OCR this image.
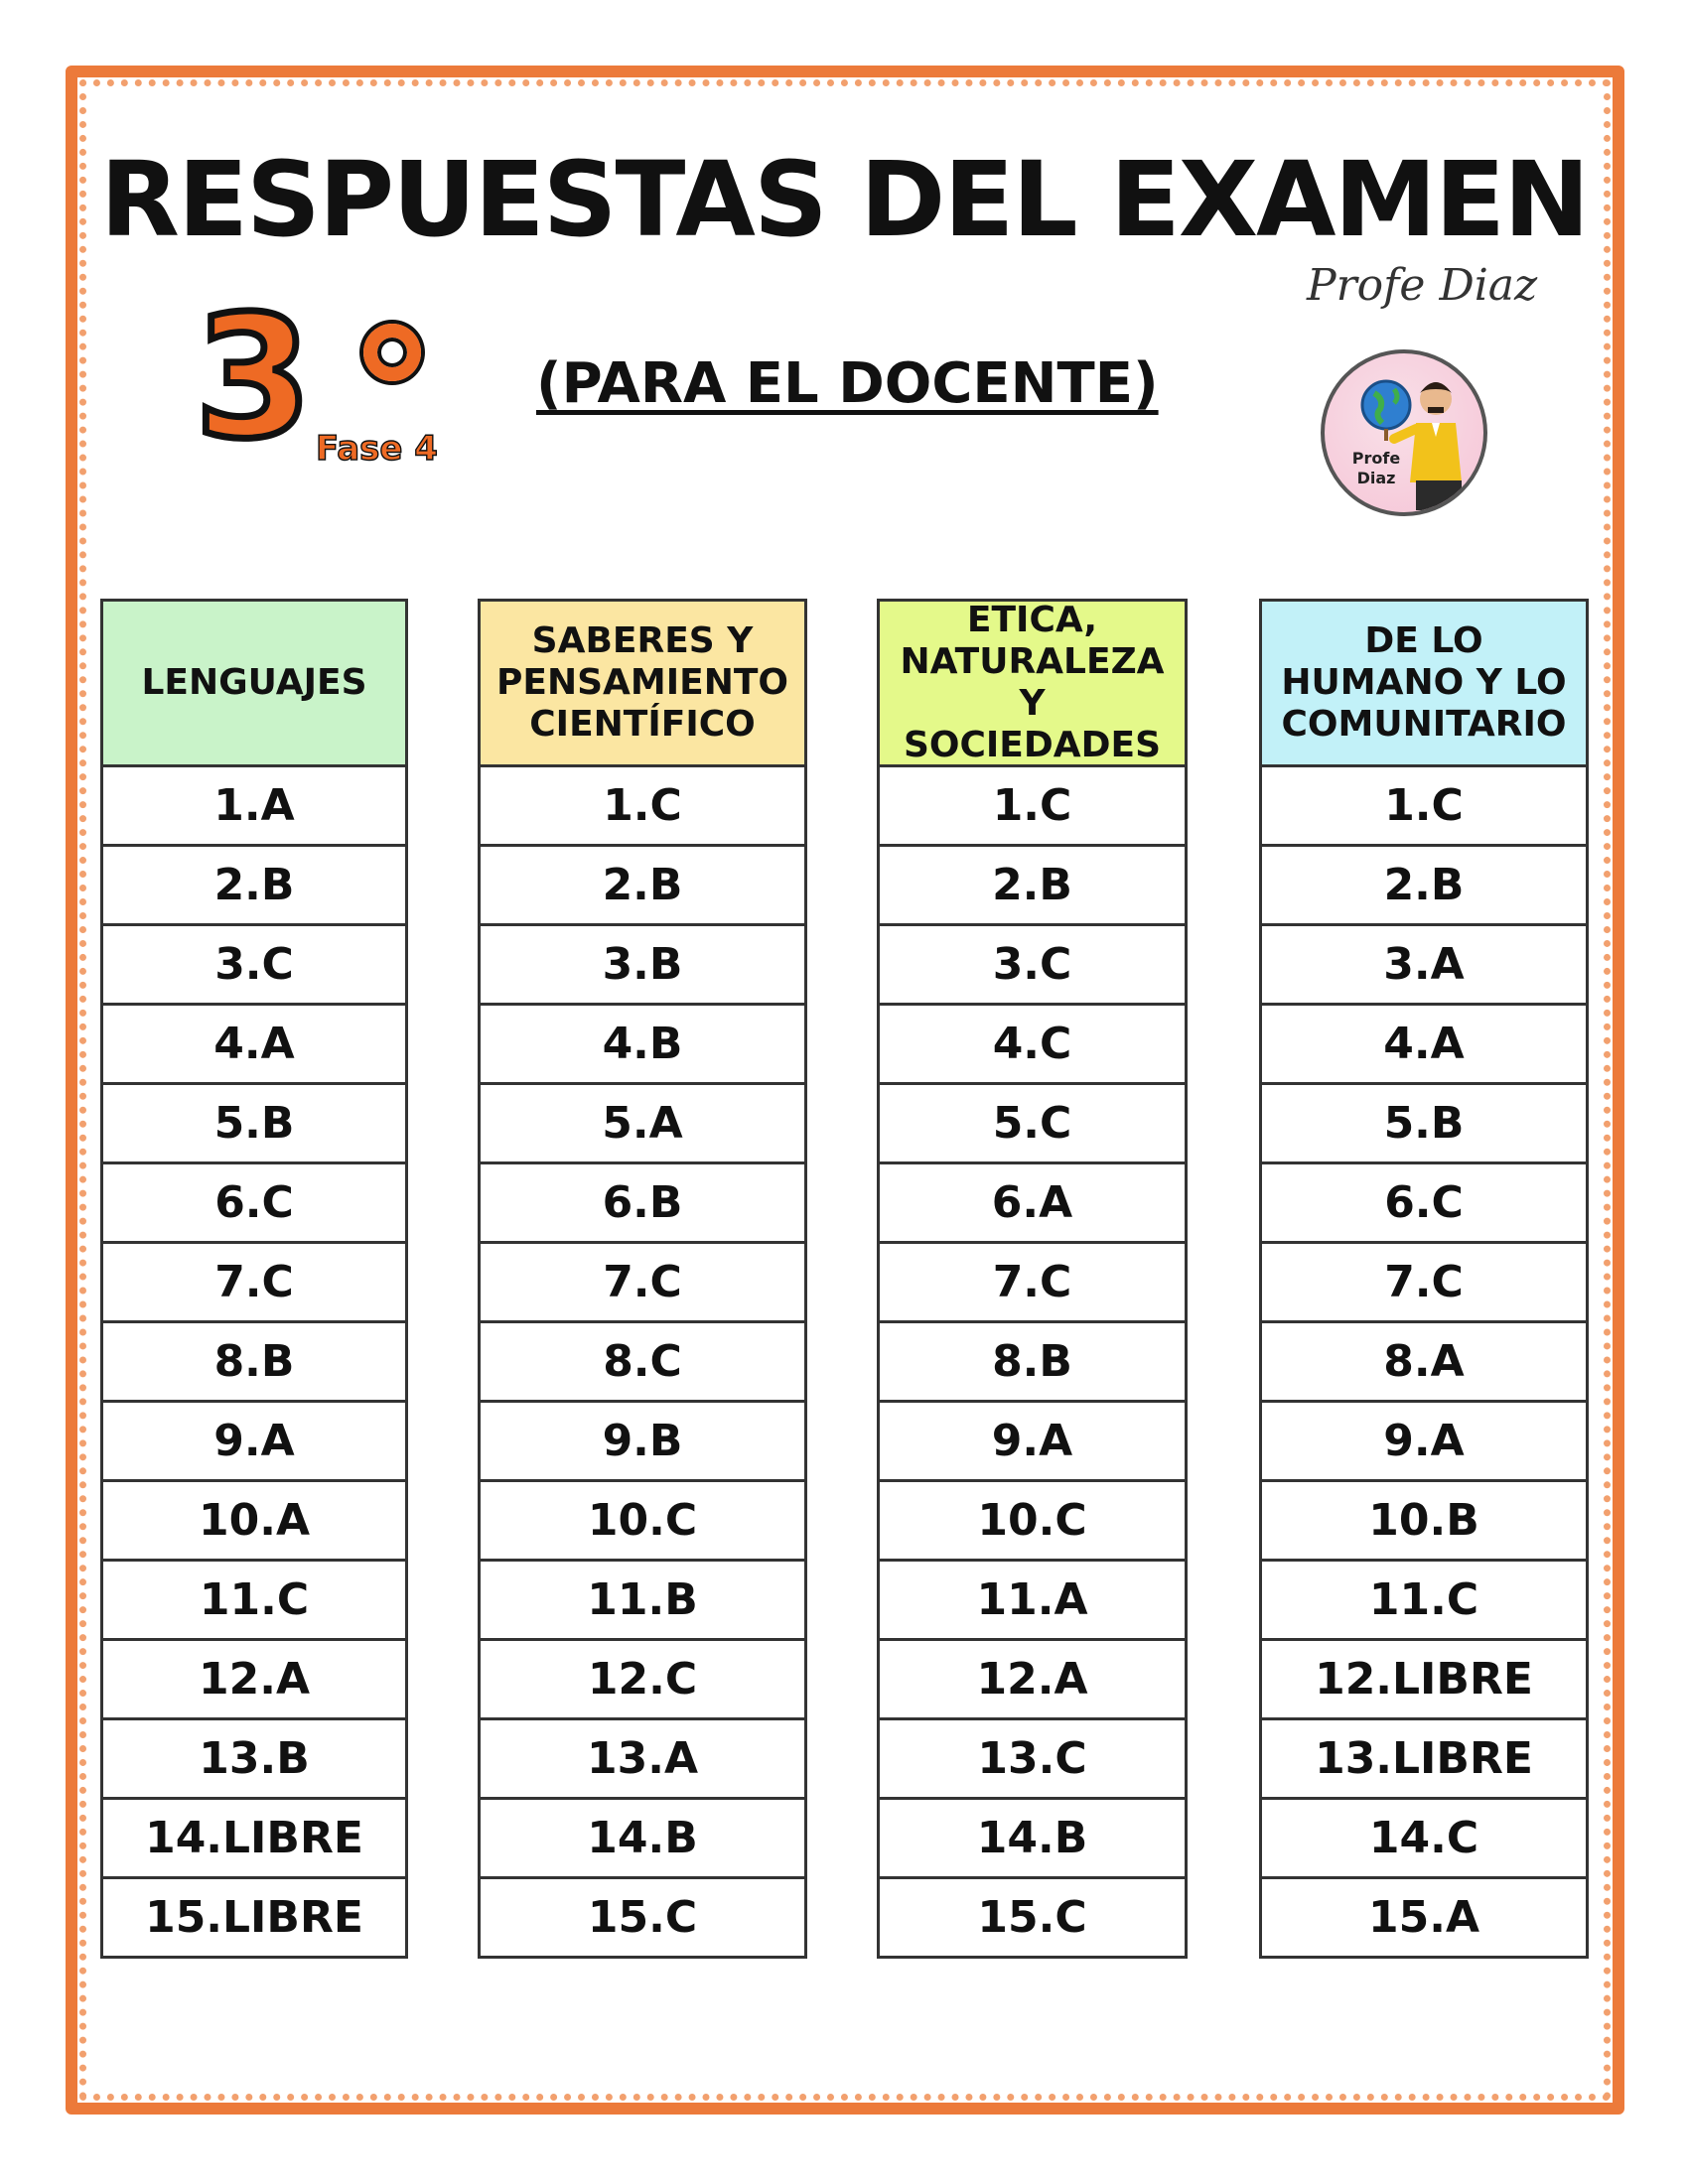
RESPUESTAS DEL EXAMEN
Profe Diaz
3 Fase 4
(PARA EL DOCENTE)
Profe Diaz
LENGUAJES
1.A
2.B
3.C
4.A
5.B
6.C
7.C
8.B
9.A
10.A
11.C
12.A
13.B
14.LIBRE
15.LIBRE
SABERES Y PENSAMIENTO CIENTÍFICO
1.C
2.B
3.B
4.B
5.A
6.B
7.C
8.C
9.B
10.C
11.B
12.C
13.A
14.B
15.C
ETICA, NATURALEZA Y SOCIEDADES
1.C
2.B
3.C
4.C
5.C
6.A
7.C
8.B
9.A
10.C
11.A
12.A
13.C
14.B
15.C
DE LO HUMANO Y LO COMUNITARIO
1.C
2.B
3.A
4.A
5.B
6.C
7.C
8.A
9.A
10.B
11.C
12.LIBRE
13.LIBRE
14.C
15.A
